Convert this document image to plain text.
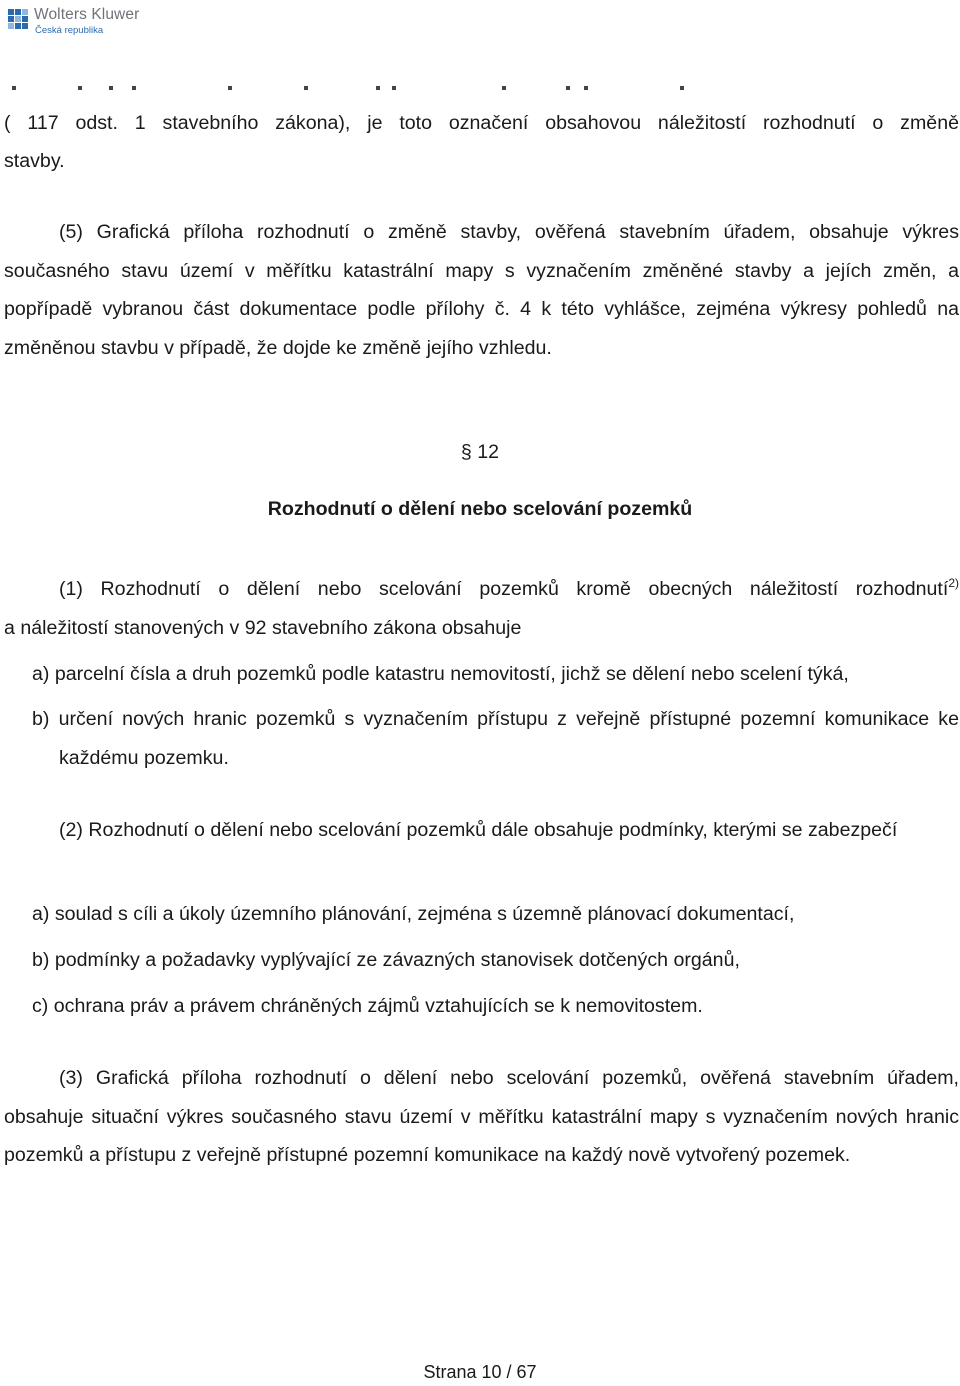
Wolters Kluwer
Česká republika

( 117 odst. 1 stavebního zákona), je toto označení obsahovou náležitostí rozhodnutí o změně

stavby.

(5) Grafická příloha rozhodnutí o změně stavby, ověřená stavebním úřadem, obsahuje výkres současného stavu území v měřítku katastrální mapy s vyznačením změněné stavby a jejích změn, a popřípadě vybranou část dokumentace podle přílohy č. 4 k této vyhlášce, zejména výkresy pohledů na změněnou stavbu v případě, že dojde ke změně jejího vzhledu.

§ 12

Rozhodnutí o dělení nebo scelování pozemků

(1) Rozhodnutí o dělení nebo scelování pozemků kromě obecných náležitostí rozhodnutí$^{2)}$

a náležitostí stanovených v 92 stavebního zákona obsahuje

a) parcelní čísla a druh pozemků podle katastru nemovitostí, jichž se dělení nebo scelení týká,

b) určení nových hranic pozemků s vyznačením přístupu z veřejně přístupné pozemní komunikace ke každému pozemku.

(2) Rozhodnutí o dělení nebo scelování pozemků dále obsahuje podmínky, kterými se zabezpečí

a) soulad s cíli a úkoly územního plánování, zejména s územně plánovací dokumentací,

b) podmínky a požadavky vyplývající ze závazných stanovisek dotčených orgánů,

c) ochrana práv a právem chráněných zájmů vztahujících se k nemovitostem.

(3) Grafická příloha rozhodnutí o dělení nebo scelování pozemků, ověřená stavebním úřadem, obsahuje situační výkres současného stavu území v měřítku katastrální mapy s vyznačením nových hranic pozemků a přístupu z veřejně přístupné pozemní komunikace na každý nově vytvořený pozemek.

Strana 10 / 67
